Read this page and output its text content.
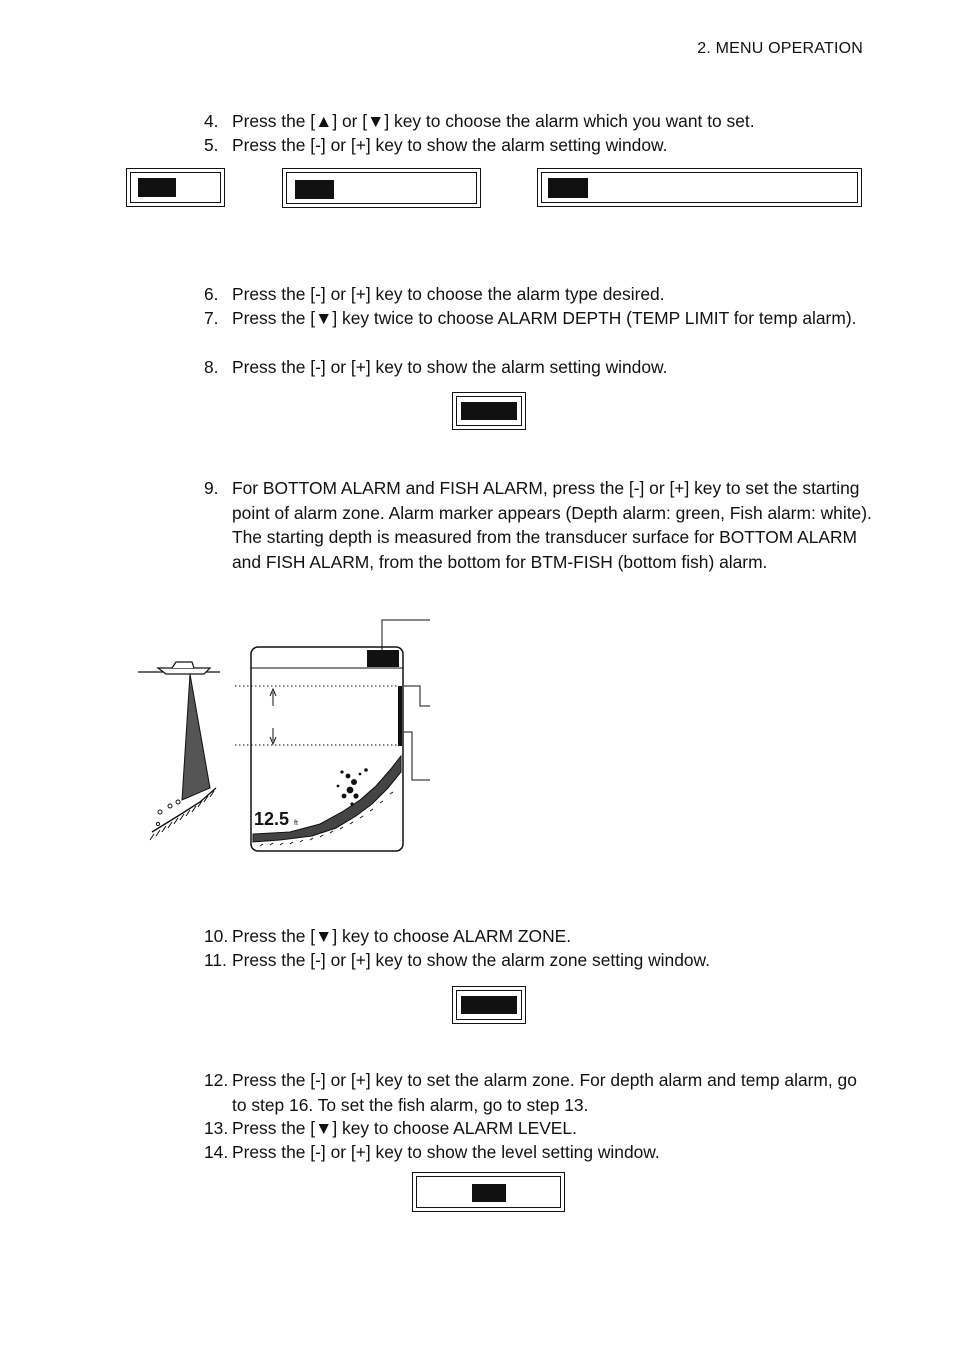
2. MENU OPERATION
4. Press the [▲] or [▼] key to choose the alarm which you want to set.
5. Press the [-] or [+] key to show the alarm setting window.
6. Press the [-] or [+] key to choose the alarm type desired.
7. Press the [▼] key twice to choose ALARM DEPTH (TEMP LIMIT for temp alarm).
8. Press the [-] or [+] key to show the alarm setting window.
9. For BOTTOM ALARM and FISH ALARM, press the [-] or [+] key to set the starting point of alarm zone. Alarm marker appears (Depth alarm: green, Fish alarm: white). The starting depth is measured from the transducer surface for BOTTOM ALARM and FISH ALARM, from the bottom for BTM-FISH (bottom fish) alarm.
12.5 ft
10. Press the [▼] key to choose ALARM ZONE.
11. Press the [-] or [+] key to show the alarm zone setting window.
12. Press the [-] or [+] key to set the alarm zone. For depth alarm and temp alarm, go to step 16. To set the fish alarm, go to step 13.
13. Press the [▼] key to choose ALARM LEVEL.
14. Press the [-] or [+] key to show the level setting window.
